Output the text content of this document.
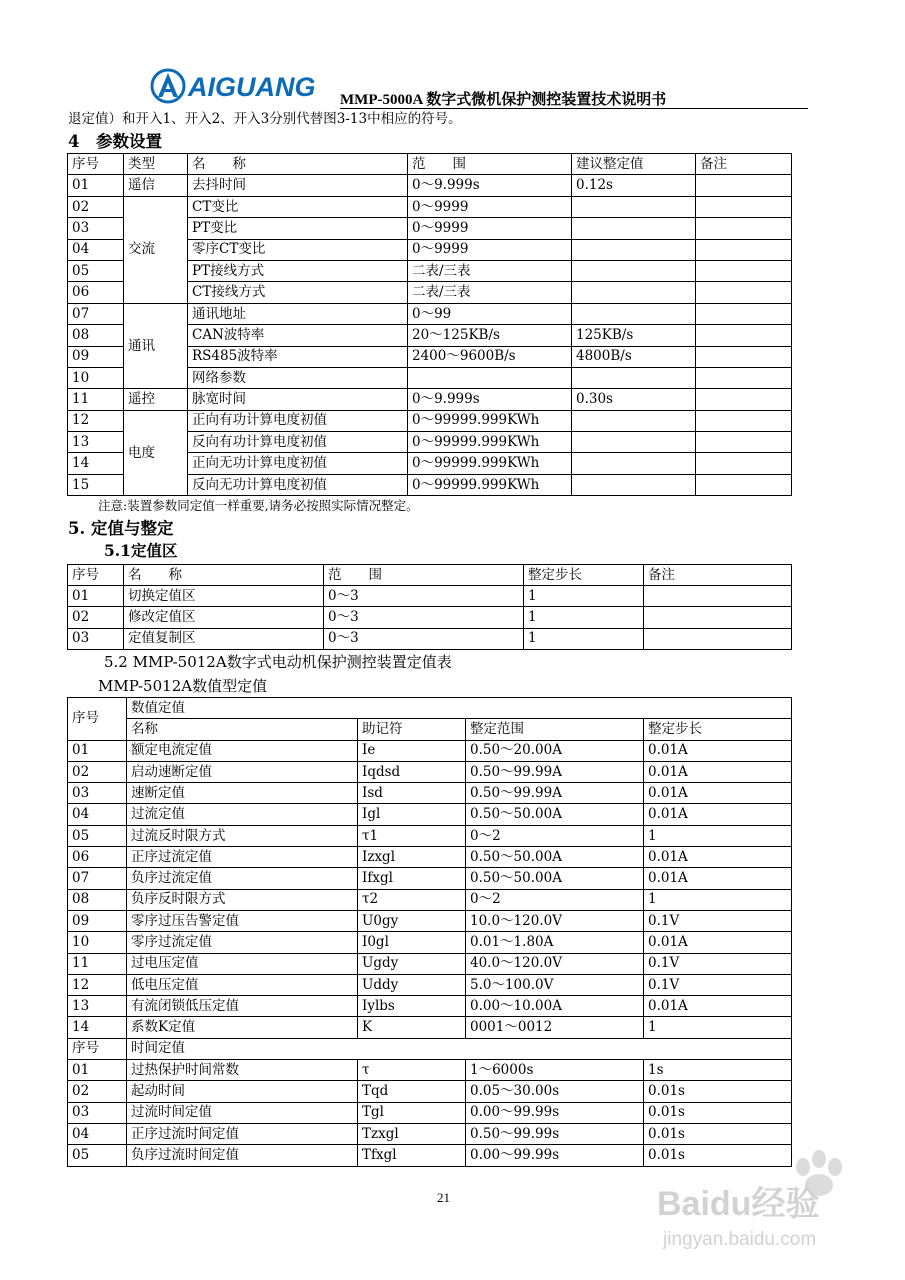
AIGUANG MMP-5000A 数字式微机保护测控装置技术说明书
退定值）和开入1、开入2、开入3分别代替图3-13中相应的符号。
4　参数设置
序号	类型	名　　称	范　　围	建议整定值	备注
01	遥信	去抖时间	0～9.999s	0.12s	
02	交流	CT变比	0～9999		
03		PT变比	0～9999		
04		零序CT变比	0～9999		
05		PT接线方式	二表/三表		
06		CT接线方式	二表/三表		
07	通讯	通讯地址	0～99		
08		CAN波特率	20～125KB/s	125KB/s	
09		RS485波特率	2400～9600B/s	4800B/s	
10		网络参数			
11	遥控	脉宽时间	0～9.999s	0.30s	
12	电度	正向有功计算电度初值	0～99999.999KWh		
13		反向有功计算电度初值	0～99999.999KWh		
14		正向无功计算电度初值	0～99999.999KWh		
15		反向无功计算电度初值	0～99999.999KWh		
注意:装置参数同定值一样重要,请务必按照实际情况整定。
5. 定值与整定
5.1定值区
序号	名　　称	范　　围	整定步长	备注
01	切换定值区	0～3	1	
02	修改定值区	0～3	1	
03	定值复制区	0～3	1	
5.2 MMP-5012A数字式电动机保护测控装置定值表
MMP-5012A数值型定值
序号	数值定值			
	名称	助记符	整定范围	整定步长
01	额定电流定值	Ie	0.50～20.00A	0.01A
02	启动速断定值	Iqdsd	0.50～99.99A	0.01A
03	速断定值	Isd	0.50～99.99A	0.01A
04	过流定值	Igl	0.50～50.00A	0.01A
05	过流反时限方式	τ1	0～2	1
06	正序过流定值	Izxgl	0.50～50.00A	0.01A
07	负序过流定值	Ifxgl	0.50～50.00A	0.01A
08	负序反时限方式	τ2	0～2	1
09	零序过压告警定值	U0gy	10.0～120.0V	0.1V
10	零序过流定值	I0gl	0.01～1.80A	0.01A
11	过电压定值	Ugdy	40.0～120.0V	0.1V
12	低电压定值	Uddy	5.0～100.0V	0.1V
13	有流闭锁低压定值	Iylbs	0.00～10.00A	0.01A
14	系数K定值	K	0001～0012	1
序号	时间定值			
01	过热保护时间常数	τ	1～6000s	1s
02	起动时间	Tqd	0.05～30.00s	0.01s
03	过流时间定值	Tgl	0.00～99.99s	0.01s
04	正序过流时间定值	Tzxgl	0.50～99.99s	0.01s
05	负序过流时间定值	Tfxgl	0.00～99.99s	0.01s
21	Baidu经验
jingyan.baidu.com
